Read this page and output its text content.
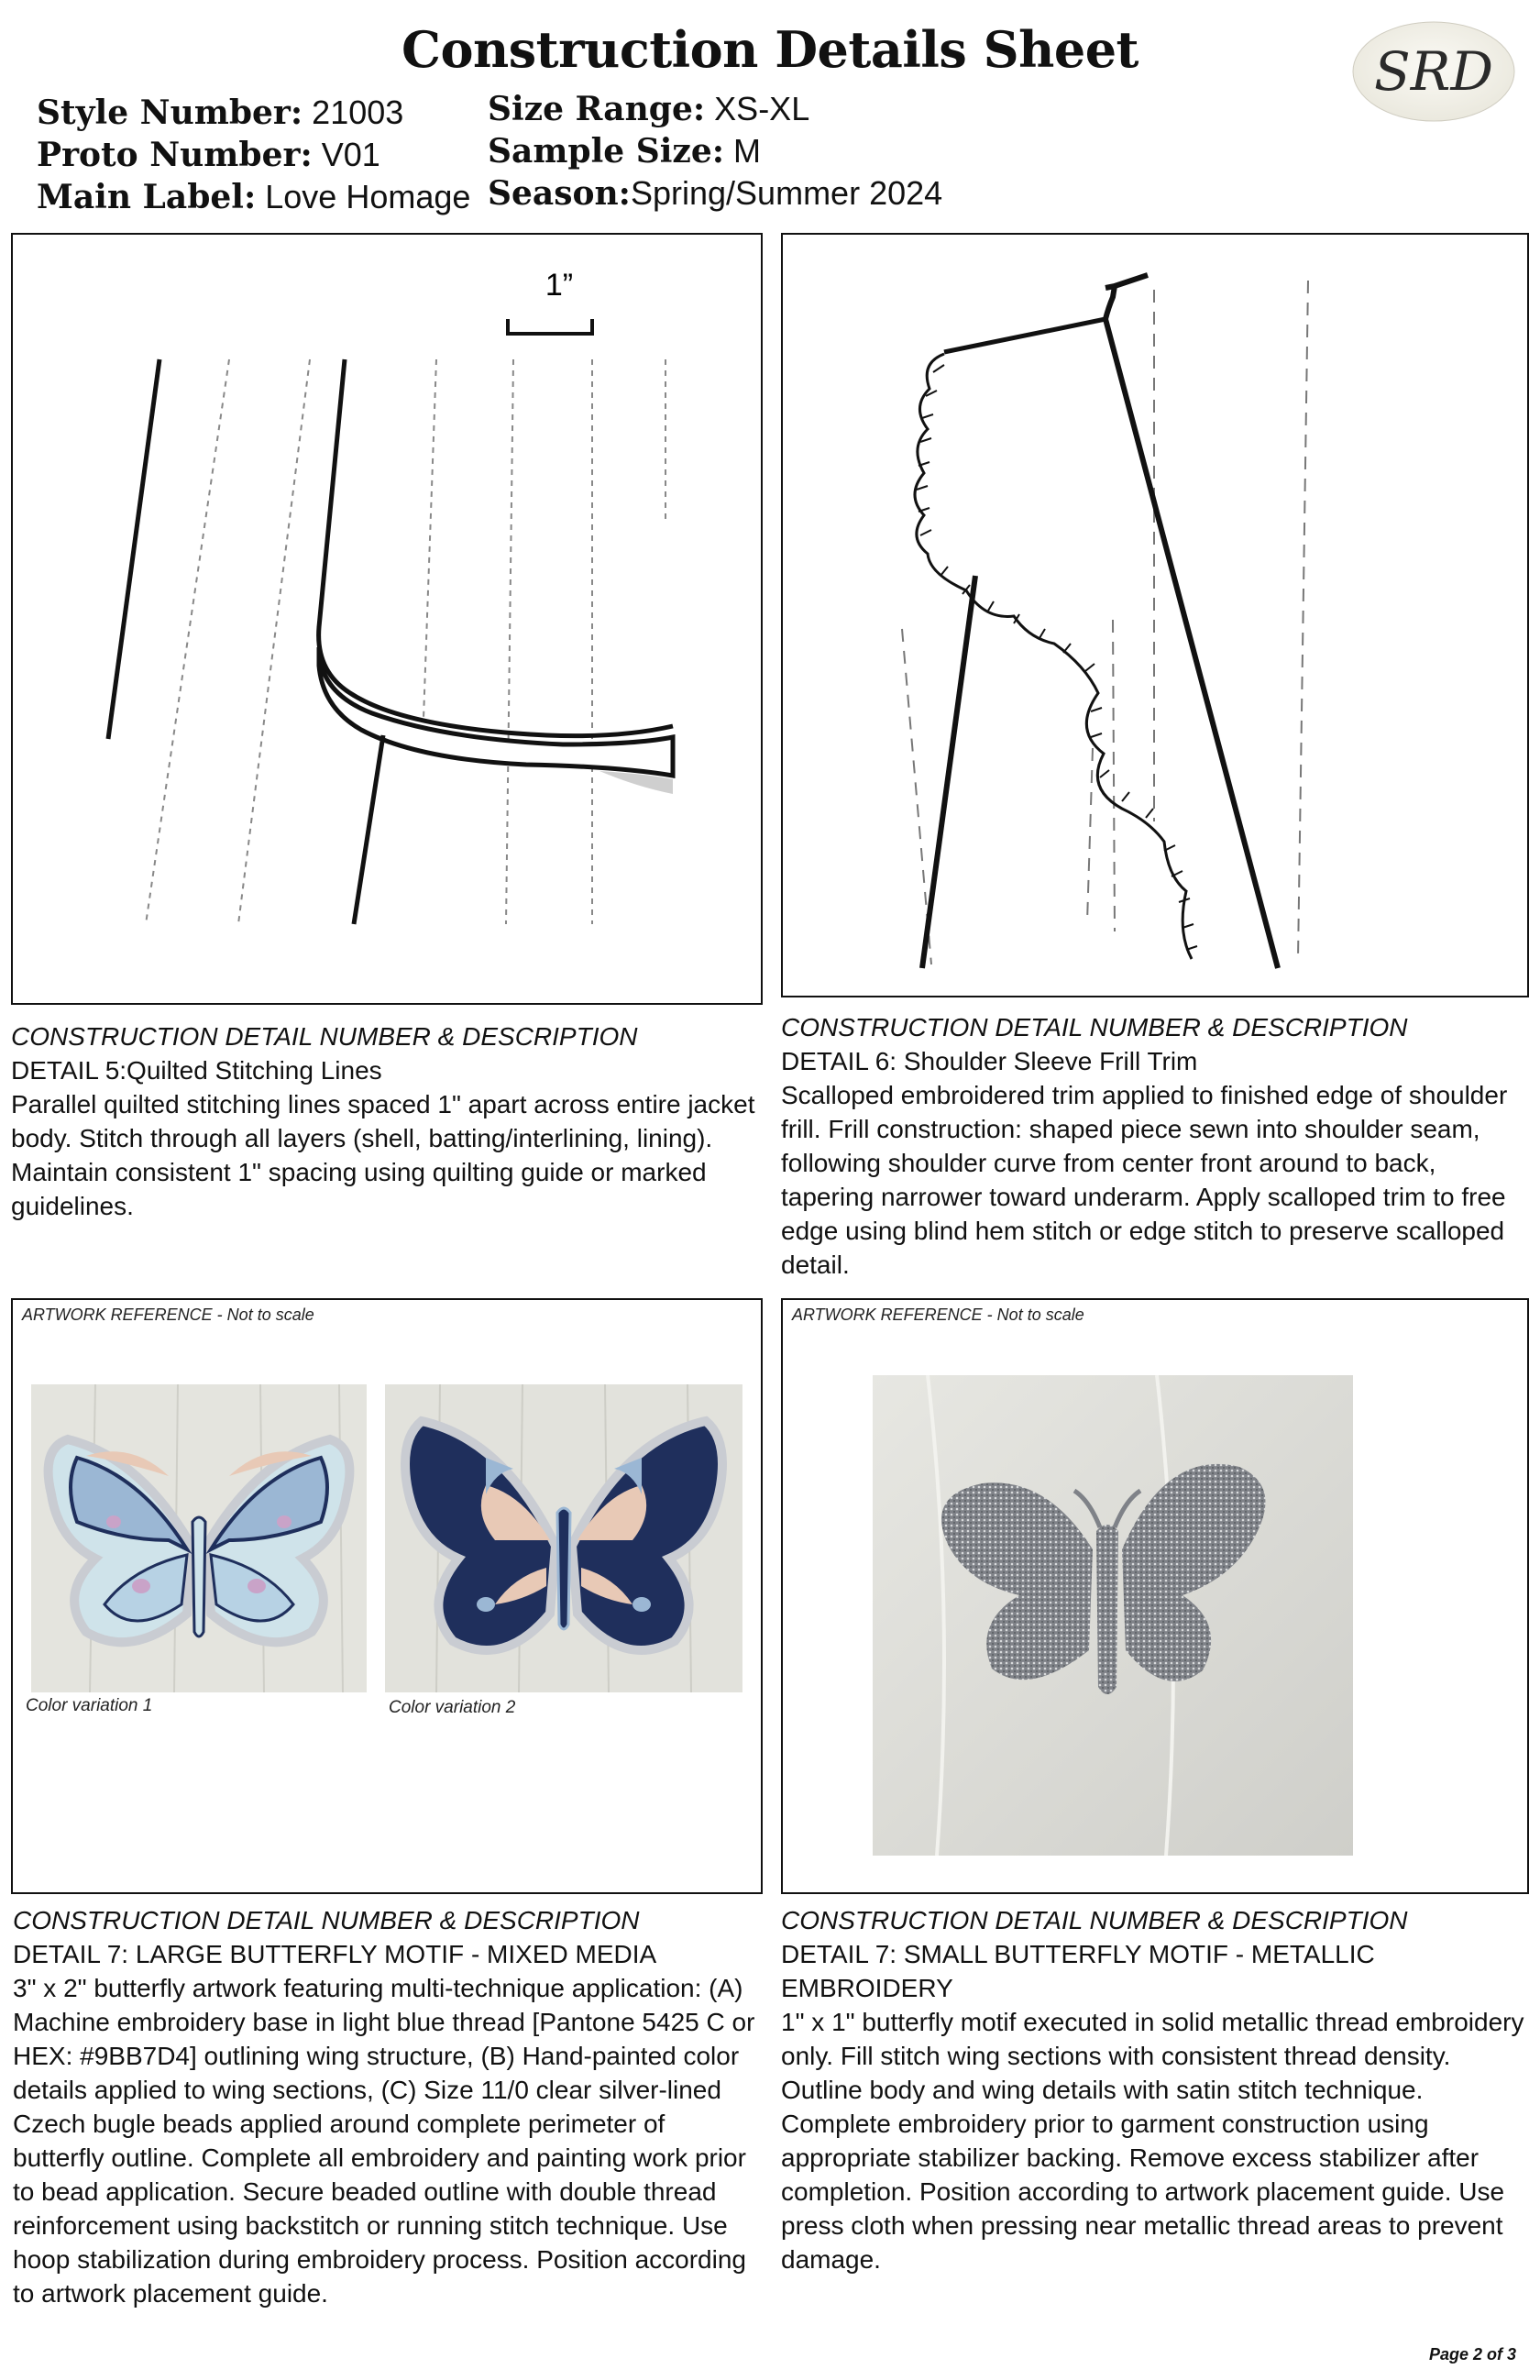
Construction Details Sheet
Style Number: 21003
Proto Number: V01
Main Label: Love Homage
Size Range: XS-XL
Sample Size: M
Season:Spring/Summer 2024
SRD
1”
CONSTRUCTION DETAIL NUMBER & DESCRIPTION
DETAIL 5:Quilted Stitching Lines
Parallel quilted stitching lines spaced 1" apart across entire jacket body. Stitch through all layers (shell, batting/interlining, lining). Maintain consistent 1" spacing using quilting guide or marked guidelines.
CONSTRUCTION DETAIL NUMBER & DESCRIPTION
DETAIL 6: Shoulder Sleeve Frill Trim
Scalloped embroidered trim applied to finished edge of shoulder frill. Frill construction: shaped piece sewn into shoulder seam, following shoulder curve from center front around to back, tapering narrower toward underarm. Apply scalloped trim to free edge using blind hem stitch or edge stitch to preserve scalloped detail.
ARTWORK REFERENCE - Not to scale
Color variation 1	Color variation 2
ARTWORK REFERENCE - Not to scale
CONSTRUCTION DETAIL NUMBER & DESCRIPTION
DETAIL 7: LARGE BUTTERFLY MOTIF - MIXED MEDIA
3" x 2" butterfly artwork featuring multi-technique application: (A) Machine embroidery base in light blue thread [Pantone 5425 C or HEX: #9BB7D4] outlining wing structure, (B) Hand-painted color details applied to wing sections, (C) Size 11/0 clear silver-lined Czech bugle beads applied around complete perimeter of butterfly outline. Complete all embroidery and painting work prior to bead application. Secure beaded outline with double thread reinforcement using backstitch or running stitch technique. Use hoop stabilization during embroidery process. Position according to artwork placement guide.
CONSTRUCTION DETAIL NUMBER & DESCRIPTION
DETAIL 7: SMALL BUTTERFLY MOTIF - METALLIC EMBROIDERY
1" x 1" butterfly motif executed in solid metallic thread embroidery only. Fill stitch wing sections with consistent thread density. Outline body and wing details with satin stitch technique. Complete embroidery prior to garment construction using appropriate stabilizer backing. Remove excess stabilizer after completion. Position according to artwork placement guide. Use press cloth when pressing near metallic thread areas to prevent damage.
Page 2 of 3
